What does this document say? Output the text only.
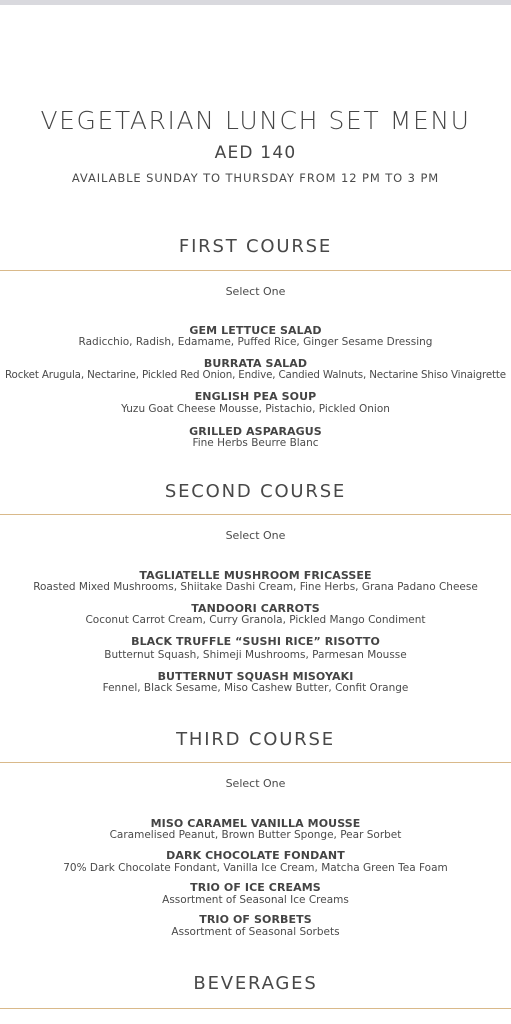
VEGETARIAN LUNCH SET MENU
AED 140
AVAILABLE SUNDAY TO THURSDAY FROM 12 PM TO 3 PM
FIRST COURSE
Select One
GEM LETTUCE SALAD
Radicchio, Radish, Edamame, Puffed Rice, Ginger Sesame Dressing
BURRATA SALAD
Rocket Arugula, Nectarine, Pickled Red Onion, Endive, Candied Walnuts, Nectarine Shiso Vinaigrette
ENGLISH PEA SOUP
Yuzu Goat Cheese Mousse, Pistachio, Pickled Onion
GRILLED ASPARAGUS
Fine Herbs Beurre Blanc
SECOND COURSE
Select One
TAGLIATELLE MUSHROOM FRICASSEE
Roasted Mixed Mushrooms, Shiitake Dashi Cream, Fine Herbs, Grana Padano Cheese
TANDOORI CARROTS
Coconut Carrot Cream, Curry Granola, Pickled Mango Condiment
BLACK TRUFFLE “SUSHI RICE” RISOTTO
Butternut Squash, Shimeji Mushrooms, Parmesan Mousse
BUTTERNUT SQUASH MISOYAKI
Fennel, Black Sesame, Miso Cashew Butter, Confit Orange
THIRD COURSE
Select One
MISO CARAMEL VANILLA MOUSSE
Caramelised Peanut, Brown Butter Sponge, Pear Sorbet
DARK CHOCOLATE FONDANT
70% Dark Chocolate Fondant, Vanilla Ice Cream, Matcha Green Tea Foam
TRIO OF ICE CREAMS
Assortment of Seasonal Ice Creams
TRIO OF SORBETS
Assortment of Seasonal Sorbets
BEVERAGES
